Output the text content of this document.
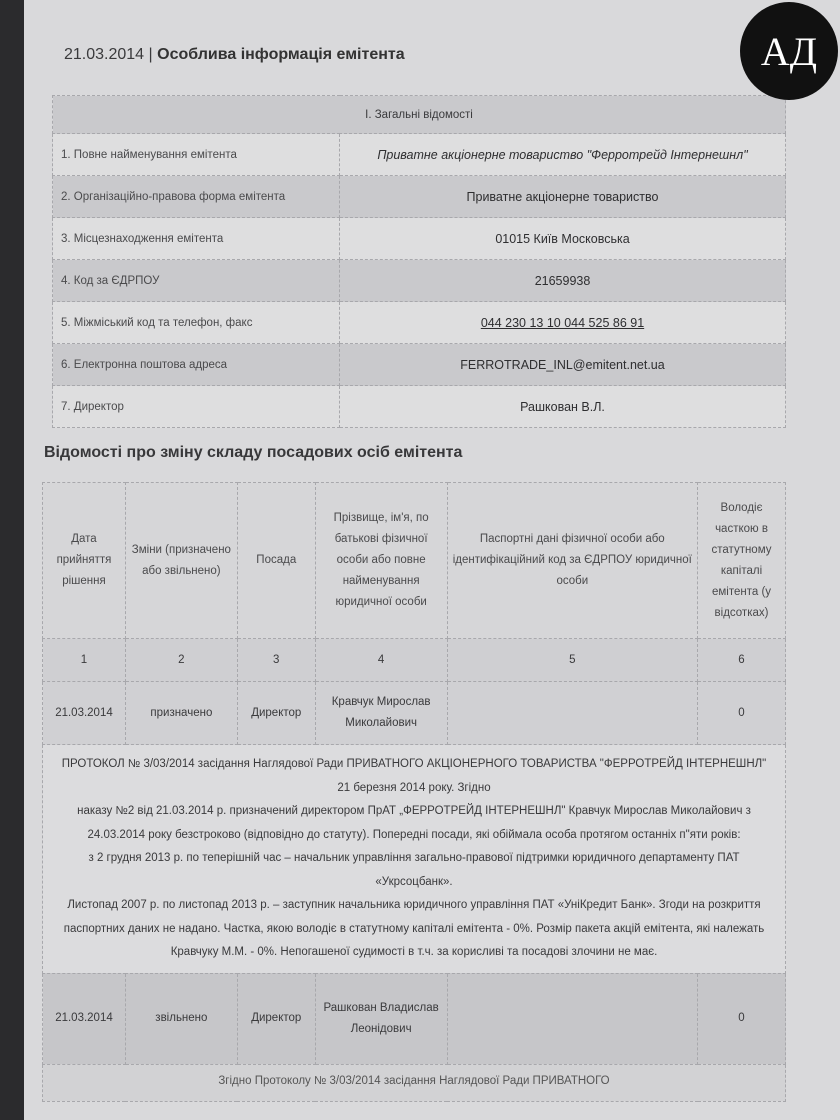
21.03.2014 | Особлива інформація емітента
I. Загальні відомості	
1. Повне найменування емітента	Приватне акціонерне товариство "Ферротрейд Інтернешнл"
2. Організаційно-правова форма емітента	Приватне акціонерне товариство
3. Місцезнаходження емітента	01015 Київ Московська
4. Код за ЄДРПОУ	21659938
5. Міжміський код та телефон, факс	044 230 13 10 044 525 86 91
6. Електронна поштова адреса	FERROTRADE_INL@emitent.net.ua
7. Директор	Рашкован В.Л.
Відомості про зміну складу посадових осіб емітента
Дата прийняття рішення	Зміни (призначено або звільнено)	Посада	Прізвище, ім'я, по батькові фізичної особи або повне найменування юридичної особи	Паспортні дані фізичної особи або ідентифікаційний код за ЄДРПОУ юридичної особи	Володіє часткою в статутному капіталі емітента (у відсотках)
1	2	3	4	5	6
21.03.2014	призначено	Директор	Кравчук Мирослав Миколайович		0

ПРОТОКОЛ № 3/03/2014 засідання Наглядової Ради ПРИВАТНОГО АКЦІОНЕРНОГО ТОВАРИСТВА "ФЕРРОТРЕЙД ІНТЕРНЕШНЛ" 21 березня 2014 року. Згідно
наказу №2 від 21.03.2014 р. призначений директором ПрАТ „ФЕРРОТРЕЙД ІНТЕРНЕШНЛ" Кравчук Мирослав Миколайович з 24.03.2014 року безстроково (відповідно до статуту). Попередні посади, які обіймала особа протягом останніх п"яти років:
з 2 грудня 2013 р. по теперішній час – начальник управління загально-правової підтримки юридичного департаменту ПАТ «Укрсоцбанк».
Листопад 2007 р. по листопад 2013 р. – заступник начальника юридичного управління ПАТ «УніКредит Банк». Згоди на розкриття паспортних даних не надано. Частка, якою володіє в статутному капіталі емітента - 0%. Розмір пакета акцій емітента, які належать Кравчуку М.М. - 0%. Непогашеної судимості в т.ч. за корисливі та посадові злочини не має.					

21.03.2014	звільнено	Директор	Рашкован Владислав Леонідович		0

Згідно Протоколу № 3/03/2014 засідання Наглядової Ради ПРИВАТНОГО					
АД
